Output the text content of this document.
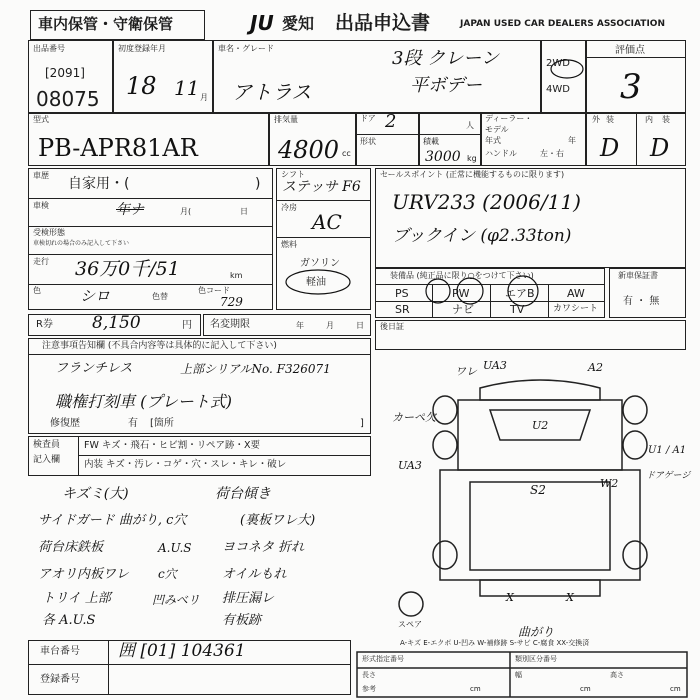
車内保管・守衛保管	JU 愛知 出品申込書	JAPAN USED CAR DEALERS ASSOCIATION
出品番号
[2091]
08075
初度登録年月
18 11 月
車名・グレード
アトラス
3段 クレーン
平ボデー
2WD
4WD
評価点
3
外 装	内 装
D D
型式
PB-APR81AR
排気量
4800 cc
ドア 2	人
形状	積載
3000 kg
ディーラー・
モデル
年式	年
ハンドル	左・右
車歴
自家用・(	)
車検	年ナ	月(	日
受検形態
車検切れの場合のみ記入して下さい
走行 36万0千/51	km
色	シロ	色替
色コード
729
シフト
ステッサ F6
冷房
AC
燃料
ガソリン
軽油
セールスポイント (正常に機能するものに限ります)
URV233 (2006/11)
ブックイン (φ2.33ton)
装備品 (純正品に限り○をつけて下さい)
PS	PW	エアB	AW
SR	ナビ	TV	カワシート
新車保証書
有 ・ 無
R券 8,150	円 名変期限	年	月	日 後日証
注意事項告知欄 (不具合内容等は具体的に記入して下さい)
フランチレス	上部シリアルNo. F326071
職権打刻車 (プレート式)
修復歴	有 [箇所	]
検査員
記入欄
FW キズ・飛石・ヒビ割・リペア跡・X要
内装 キズ・汚レ・コゲ・穴・スレ・キレ・破レ
キズミ(大)	荷台傾き
サイドガード 曲がり, c穴	(裏板ワレ大)
荷台床鉄板	A.U.S ヨコネタ 折れ
アオリ内板ワレ c穴	オイルもれ
トリイ 上部	凹みベリ 排圧漏レ
各 A.U.S	有板跡
ワレ UA3	A2
カーペ欠
U2
UA3
U1 / A1
ドアゲージ
S2	W2
X	X
曲がり
スペア
A-キズ E-エクボ U-凹み W-補修跡 S-サビ C-腐食 XX-交換済
形式指定番号	類別区分番号
長さ
参考	cm
幅
cm
高さ
cm
車台番号 囲 [01] 104361
登録番号
